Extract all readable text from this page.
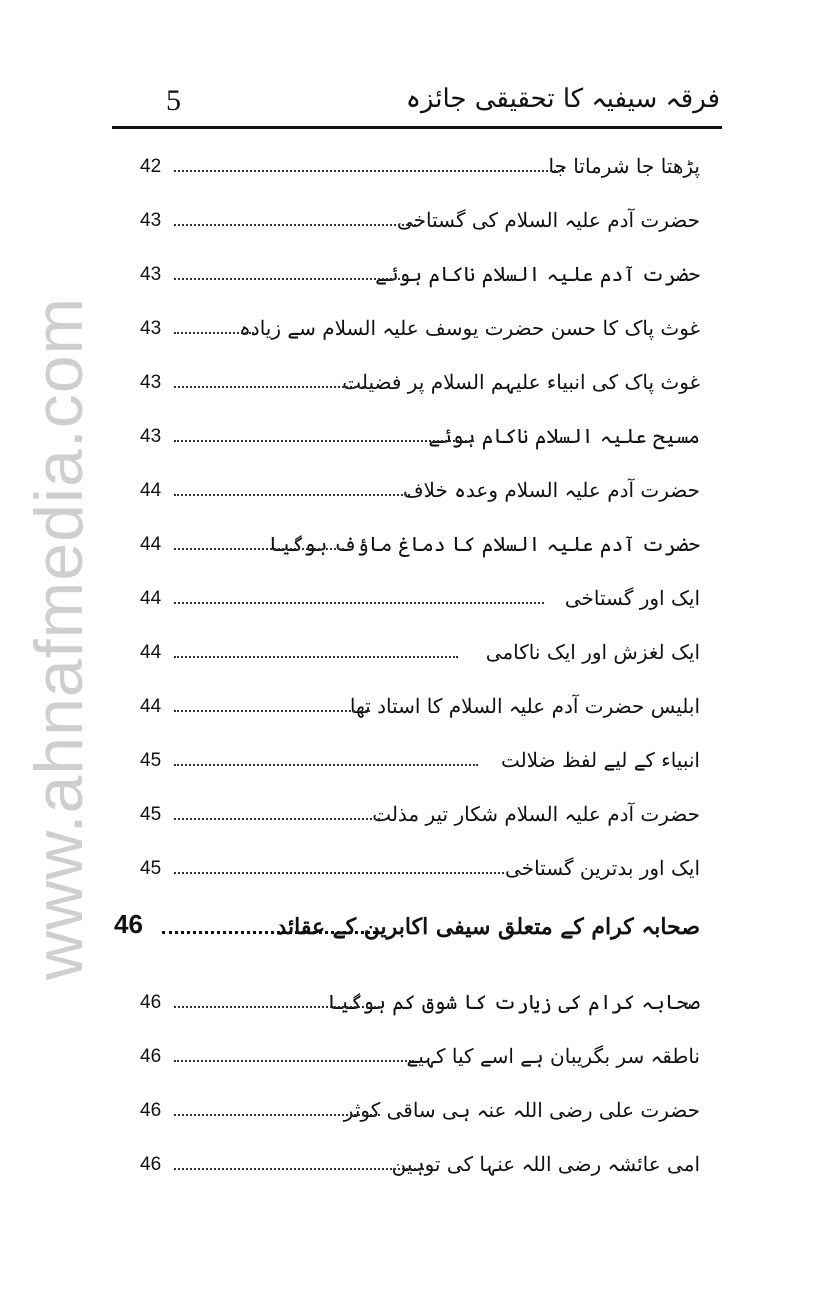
www.ahnafmedia.com
فرقہ سیفیہ کا تحقیقی جائزہ
5
پڑھتا جا شرماتا جا
42
حضرت آدم علیہ السلام کی گستاخی
43
حضرت آدم علیہ السلام ناکام ہوئے
43
غوث پاک کا حسن حضرت یوسف علیہ السلام سے زیادہ
43
غوث پاک کی انبیاء علیہم السلام پر فضیلت
43
مسیح علیہ السلام ناکام ہوئے
43
حضرت آدم علیہ السلام وعدہ خلاف
44
حضرت آدم علیہ السلام کا دماغ ماؤف ہوگیا
44
ایک اور گستاخی
44
ایک لغزش اور ایک ناکامی
44
ابلیس حضرت آدم علیہ السلام کا استاد تھا
44
انبیاء کے لیے لفظ ضلالت
45
حضرت آدم علیہ السلام شکار تیر مذلت
45
ایک اور بدترین گستاخی
45
صحابہ کرام کے متعلق سیفی اکابرین کے عقائد
46
صحابہ کرام کی زیارت کا شوق کم ہوگیا
46
ناطقہ سر بگریبان ہے اسے کیا کہیے
46
حضرت علی رضی اللہ عنہ ہی ساقی کوثر
46
امی عائشہ رضی اللہ عنہا کی توہین
46
